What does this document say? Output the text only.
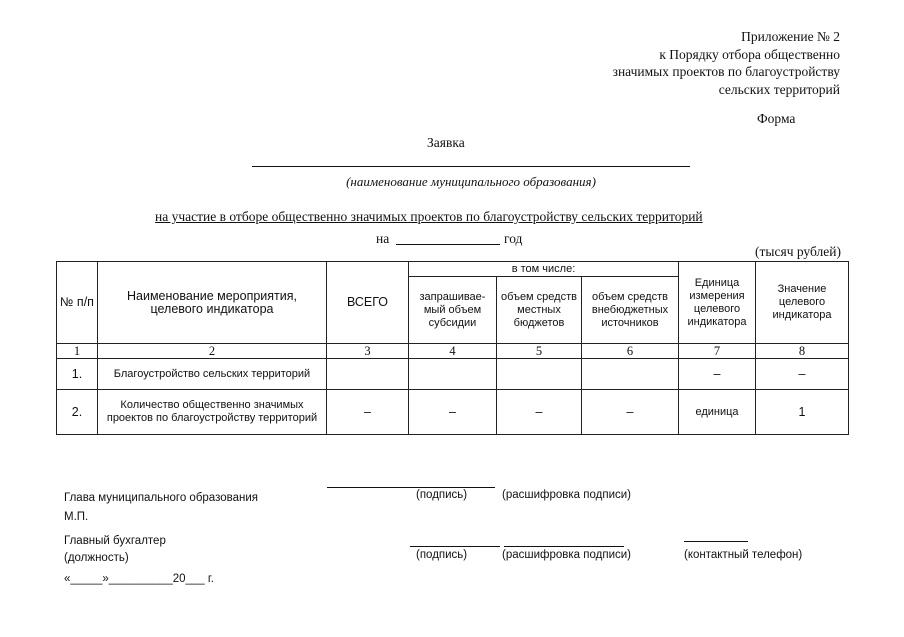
Приложение № 2
к Порядку отбора общественно
значимых проектов по благоустройству
сельских территорий
Форма
Заявка
(наименование муниципального образования)
на участие в отборе общественно значимых проектов по благоустройству сельских территорий
на	год
(тысяч рублей)
№ п/п	Наименование мероприятия, целевого индикатора	ВСЕГО	в том числе:			Единица измерения целевого индикатора	Значение целевого индикатора
			запрашивае-мый объем субсидии	объем средств местных бюджетов	объем средств внебюджетных источников		
1	2	3	4	5	6	7	8
1.	Благоустройство сельских территорий					–	–
2.	Количество общественно значимых проектов по благоустройству территорий	–	–	–	–	единица	1
Глава муниципального образования	(подпись)	(расшифровка подписи)
М.П.
Главный бухгалтер
(должность)	(подпись)	(расшифровка подписи)	(контактный телефон)
«_____»__________20___ г.
